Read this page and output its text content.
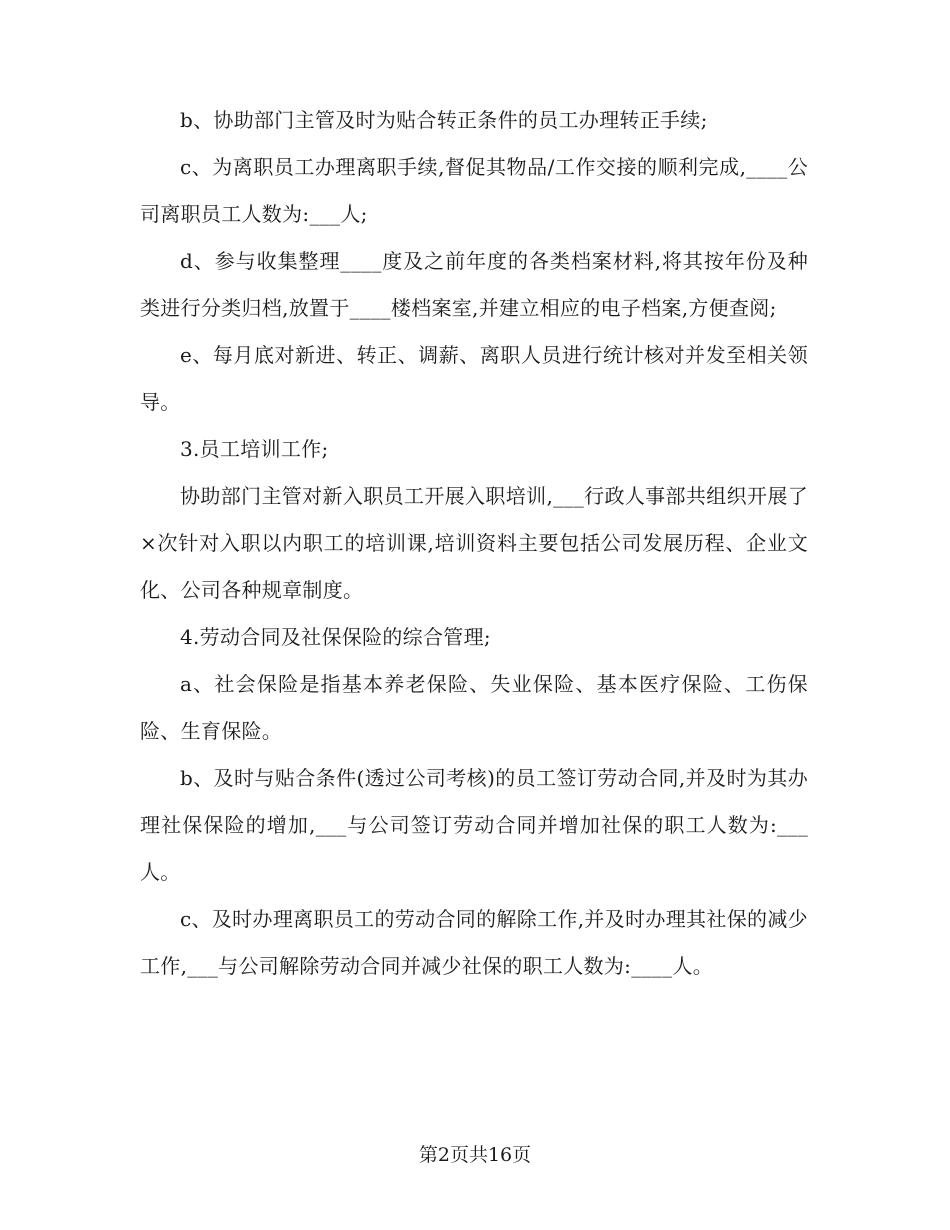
b、协助部门主管及时为贴合转正条件的员工办理转正手续;

c、为离职员工办理离职手续,督促其物品/工作交接的顺利完成,____公司离职员工人数为:___人;

d、参与收集整理____度及之前年度的各类档案材料,将其按年份及种类进行分类归档,放置于____楼档案室,并建立相应的电子档案,方便查阅;

e、每月底对新进、转正、调薪、离职人员进行统计核对并发至相关领导。

3.员工培训工作;

协助部门主管对新入职员工开展入职培训,___行政人事部共组织开展了×次针对入职以内职工的培训课,培训资料主要包括公司发展历程、企业文化、公司各种规章制度。

4.劳动合同及社保保险的综合管理;

a、社会保险是指基本养老保险、失业保险、基本医疗保险、工伤保险、生育保险。

b、及时与贴合条件(透过公司考核)的员工签订劳动合同,并及时为其办理社保保险的增加,___与公司签订劳动合同并增加社保的职工人数为:___人。

c、及时办理离职员工的劳动合同的解除工作,并及时办理其社保的减少工作,___与公司解除劳动合同并减少社保的职工人数为:____人。

第2页共16页
